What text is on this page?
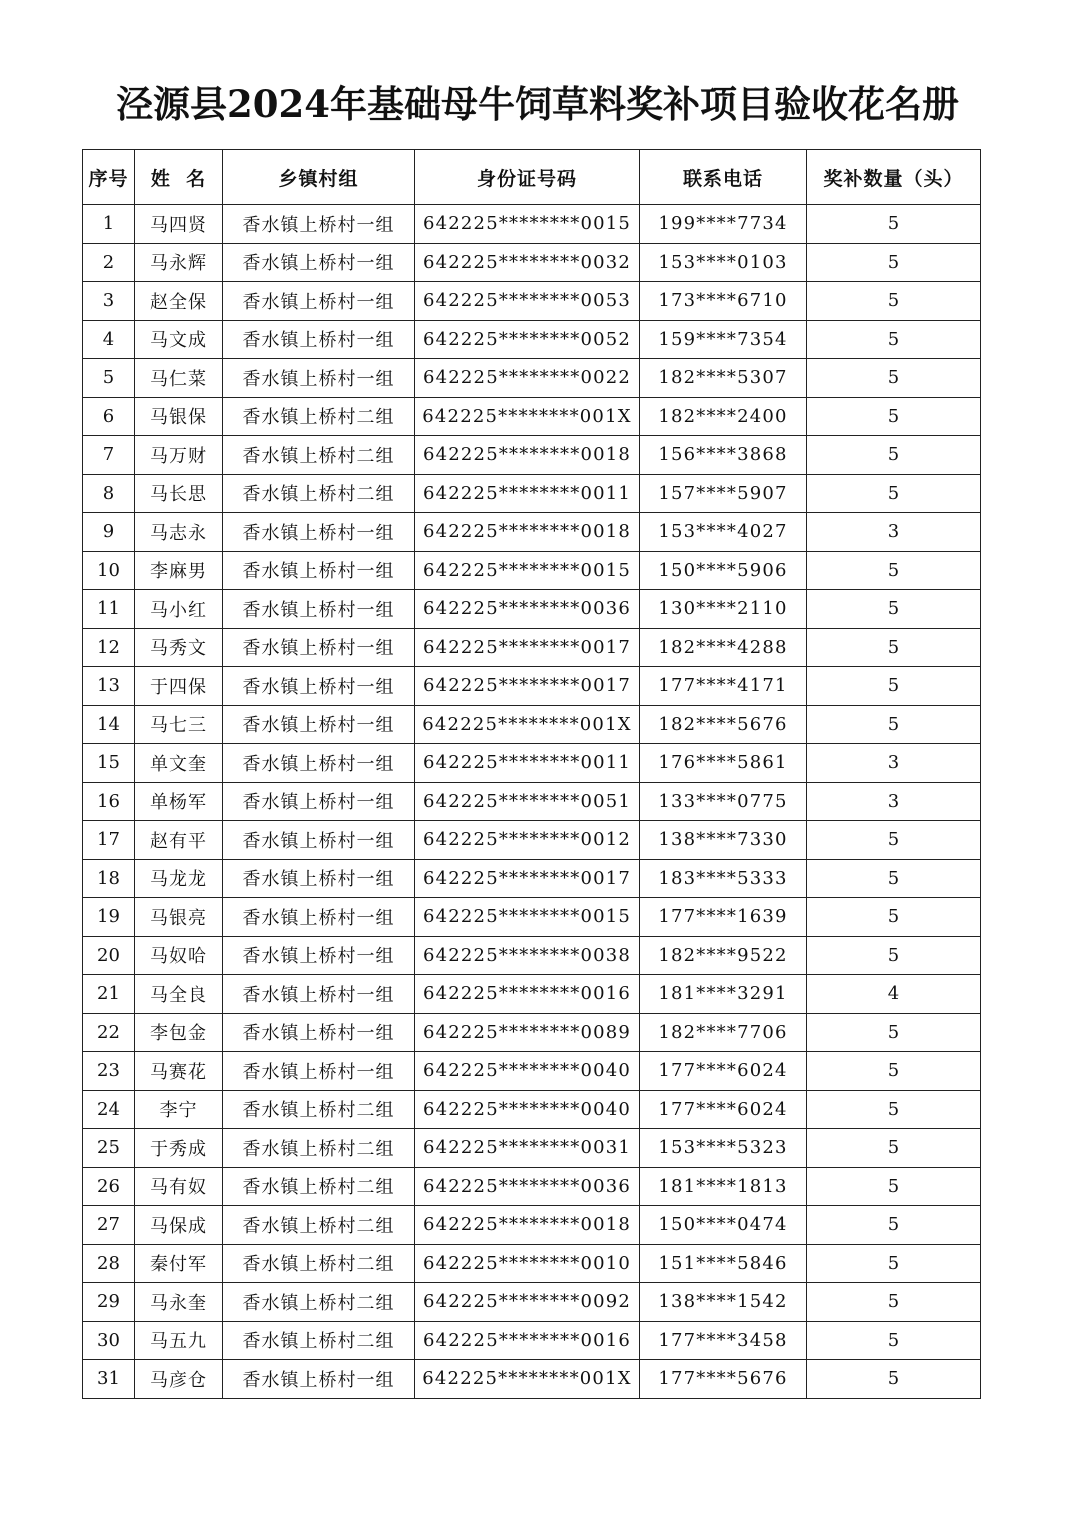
泾源县2024年基础母牛饲草料奖补项目验收花名册
序号	姓  名	乡镇村组	身份证号码	联系电话	奖补数量（头）
1	马四贤	香水镇上桥村一组	642225********0015	199****7734	5
2	马永辉	香水镇上桥村一组	642225********0032	153****0103	5
3	赵全保	香水镇上桥村一组	642225********0053	173****6710	5
4	马文成	香水镇上桥村一组	642225********0052	159****7354	5
5	马仁菜	香水镇上桥村一组	642225********0022	182****5307	5
6	马银保	香水镇上桥村二组	642225********001X	182****2400	5
7	马万财	香水镇上桥村二组	642225********0018	156****3868	5
8	马长思	香水镇上桥村二组	642225********0011	157****5907	5
9	马志永	香水镇上桥村一组	642225********0018	153****4027	3
10	李麻男	香水镇上桥村一组	642225********0015	150****5906	5
11	马小红	香水镇上桥村一组	642225********0036	130****2110	5
12	马秀文	香水镇上桥村一组	642225********0017	182****4288	5
13	于四保	香水镇上桥村一组	642225********0017	177****4171	5
14	马七三	香水镇上桥村一组	642225********001X	182****5676	5
15	单文奎	香水镇上桥村一组	642225********0011	176****5861	3
16	单杨军	香水镇上桥村一组	642225********0051	133****0775	3
17	赵有平	香水镇上桥村一组	642225********0012	138****7330	5
18	马龙龙	香水镇上桥村一组	642225********0017	183****5333	5
19	马银亮	香水镇上桥村一组	642225********0015	177****1639	5
20	马奴哈	香水镇上桥村一组	642225********0038	182****9522	5
21	马全良	香水镇上桥村一组	642225********0016	181****3291	4
22	李包金	香水镇上桥村一组	642225********0089	182****7706	5
23	马赛花	香水镇上桥村一组	642225********0040	177****6024	5
24	李宁	香水镇上桥村二组	642225********0040	177****6024	5
25	于秀成	香水镇上桥村二组	642225********0031	153****5323	5
26	马有奴	香水镇上桥村二组	642225********0036	181****1813	5
27	马保成	香水镇上桥村二组	642225********0018	150****0474	5
28	秦付军	香水镇上桥村二组	642225********0010	151****5846	5
29	马永奎	香水镇上桥村二组	642225********0092	138****1542	5
30	马五九	香水镇上桥村二组	642225********0016	177****3458	5
31	马彦仓	香水镇上桥村一组	642225********001X	177****5676	5
